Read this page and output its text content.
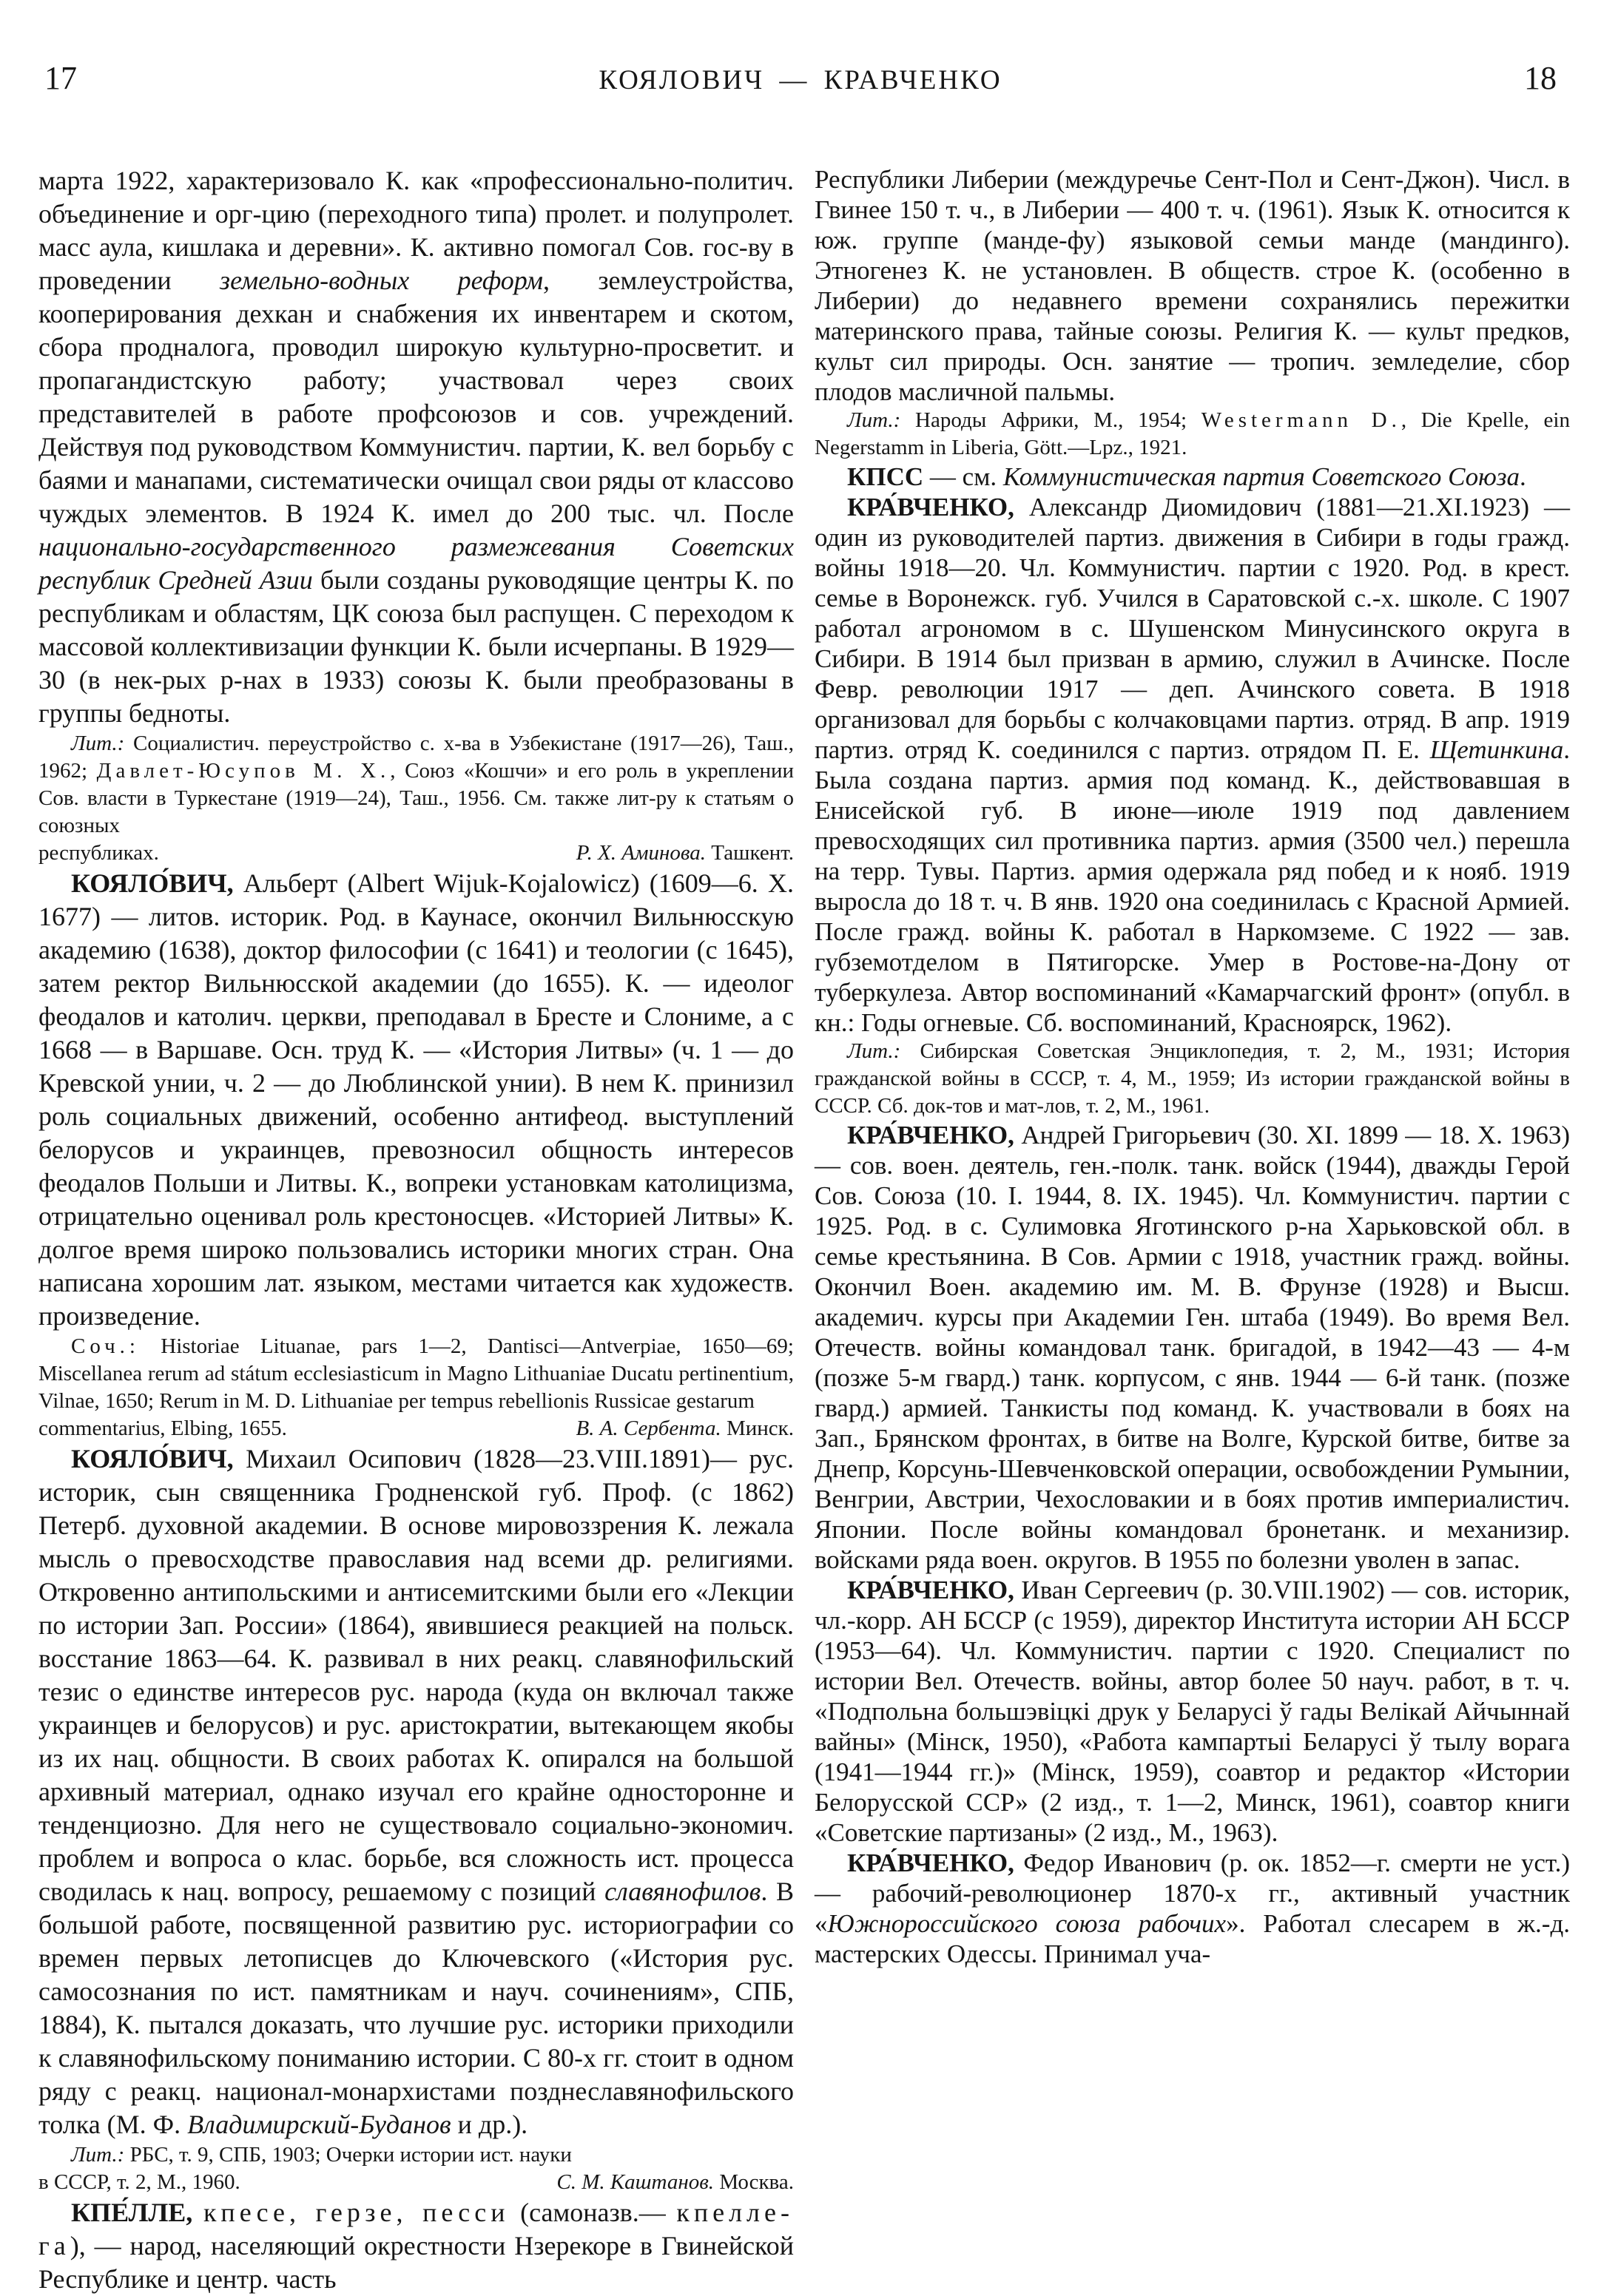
17	КОЯЛОВИЧ — КРАВЧЕНКО	18

марта 1922, характеризовало К. как «профессионально-политич. объединение и орг-цию (переходного типа) пролет. и полупролет. масс аула, кишлака и деревни». К. активно помогал Сов. гос-ву в проведении земельно-водных реформ, землеустройства, кооперирования дехкан и снабжения их инвентарем и скотом, сбора продналога, проводил широкую культурно-просветит. и пропагандистскую работу; участвовал через своих представителей в работе профсоюзов и сов. учреждений. Действуя под руководством Коммунистич. партии, К. вел борьбу с баями и манапами, систематически очищал свои ряды от классово чуждых элементов. В 1924 К. имел до 200 тыс. чл. После национально-государственного размежевания Советских республик Средней Азии были созданы руководящие центры К. по республикам и областям, ЦК союза был распущен. С переходом к массовой коллективизации функции К. были исчерпаны. В 1929—30 (в нек-рых р-нах в 1933) союзы К. были преобразованы в группы бедноты.

Лит.: Социалистич. переустройство с. х-ва в Узбекистане (1917—26), Таш., 1962; Давлет-Юсупов М. Х., Союз «Кошчи» и его роль в укреплении Сов. власти в Туркестане (1919—24), Таш., 1956. См. также лит-ру к статьям о союзных

республиках.	Р. Х. Аминова. Ташкент.

КОЯЛО́ВИЧ, Альберт (Albert Wijuk-Kojalowicz) (1609—6. X. 1677) — литов. историк. Род. в Каунасе, окончил Вильнюсскую академию (1638), доктор философии (с 1641) и теологии (с 1645), затем ректор Вильнюсской академии (до 1655). К. — идеолог феодалов и католич. церкви, преподавал в Бресте и Слониме, а с 1668 — в Варшаве. Осн. труд К. — «История Литвы» (ч. 1 — до Кревской унии, ч. 2 — до Люблинской унии). В нем К. принизил роль социальных движений, особенно антифеод. выступлений белорусов и украинцев, превозносил общность интересов феодалов Польши и Литвы. К., вопреки установкам католицизма, отрицательно оценивал роль крестоносцев. «Историей Литвы» К. долгое время широко пользовались историки многих стран. Она написана хорошим лат. языком, местами читается как художеств. произведение.

Соч.: Historiae Lituanae, pars 1—2, Dantisci—Antverpiae, 1650—69; Miscellanea rerum ad státum ecclesiasticum in Magno Lithuaniae Ducatu pertinentium, Vilnae, 1650; Rerum in M. D. Lithuaniae per tempus rebellionis Russicae gestarum

commentarius, Elbing, 1655.	В. А. Сербента. Минск.

КОЯЛО́ВИЧ, Михаил Осипович (1828—23.VIII.1891)— рус. историк, сын священника Гродненской губ. Проф. (с 1862) Петерб. духовной академии. В основе мировоззрения К. лежала мысль о превосходстве православия над всеми др. религиями. Откровенно антипольскими и антисемитскими были его «Лекции по истории Зап. России» (1864), явившиеся реакцией на польск. восстание 1863—64. К. развивал в них реакц. славянофильский тезис о единстве интересов рус. народа (куда он включал также украинцев и белорусов) и рус. аристократии, вытекающем якобы из их нац. общности. В своих работах К. опирался на большой архивный материал, однако изучал его крайне односторонне и тенденциозно. Для него не существовало социально-экономич. проблем и вопроса о клас. борьбе, вся сложность ист. процесса сводилась к нац. вопросу, решаемому с позиций славянофилов. В большой работе, посвященной развитию рус. историографии со времен первых летописцев до Ключевского («История рус. самосознания по ист. памятникам и науч. сочинениям», СПБ, 1884), К. пытался доказать, что лучшие рус. историки приходили к славянофильскому пониманию истории. С 80-х гг. стоит в одном ряду с реакц. национал-монархистами позднеславянофильского толка (М. Ф. Владимирский-Буданов и др.).

Лит.: РБС, т. 9, СПБ, 1903; Очерки истории ист. науки

в СССР, т. 2, М., 1960.	С. М. Каштанов. Москва.

КПЕ́ЛЛЕ, кпесе, герзе, песси (самоназв.— кпелле-га), — народ, населяющий окрестности Нзерекоре в Гвинейской Республике и центр. часть

Республики Либерии (междуречье Сент-Пол и Сент-Джон). Числ. в Гвинее 150 т. ч., в Либерии — 400 т. ч. (1961). Язык К. относится к юж. группе (манде-фу) языковой семьи манде (мандинго). Этногенез К. не установлен. В обществ. строе К. (особенно в Либерии) до недавнего времени сохранялись пережитки материнского права, тайные союзы. Религия К. — культ предков, культ сил природы. Осн. занятие — тропич. земледелие, сбор плодов масличной пальмы.

Лит.: Народы Африки, М., 1954; Westermann D., Die Kpelle, ein Negerstamm in Liberia, Gött.—Lpz., 1921.

КПСС — см. Коммунистическая партия Советского Союза.

КРА́ВЧЕНКО, Александр Диомидович (1881—21.XI.1923) — один из руководителей партиз. движения в Сибири в годы гражд. войны 1918—20. Чл. Коммунистич. партии с 1920. Род. в крест. семье в Воронежск. губ. Учился в Саратовской с.-х. школе. С 1907 работал агрономом в с. Шушенском Минусинского округа в Сибири. В 1914 был призван в армию, служил в Ачинске. После Февр. революции 1917 — деп. Ачинского совета. В 1918 организовал для борьбы с колчаковцами партиз. отряд. В апр. 1919 партиз. отряд К. соединился с партиз. отрядом П. Е. Щетинкина. Была создана партиз. армия под команд. К., действовавшая в Енисейской губ. В июне—июле 1919 под давлением превосходящих сил противника партиз. армия (3500 чел.) перешла на терр. Тувы. Партиз. армия одержала ряд побед и к нояб. 1919 выросла до 18 т. ч. В янв. 1920 она соединилась с Красной Армией. После гражд. войны К. работал в Наркомземе. С 1922 — зав. губземотделом в Пятигорске. Умер в Ростове-на-Дону от туберкулеза. Автор воспоминаний «Камарчагский фронт» (опубл. в кн.: Годы огневые. Сб. воспоминаний, Красноярск, 1962).

Лит.: Сибирская Советская Энциклопедия, т. 2, М., 1931; История гражданской войны в СССР, т. 4, М., 1959; Из истории гражданской войны в СССР. Сб. док-тов и мат-лов, т. 2, М., 1961.

КРА́ВЧЕНКО, Андрей Григорьевич (30. XI. 1899 — 18. X. 1963)— сов. воен. деятель, ген.-полк. танк. войск (1944), дважды Герой Сов. Союза (10. I. 1944, 8. IX. 1945). Чл. Коммунистич. партии с 1925. Род. в с. Сулимовка Яготинского р-на Харьковской обл. в семье крестьянина. В Сов. Армии с 1918, участник гражд. войны. Окончил Воен. академию им. М. В. Фрунзе (1928) и Высш. академич. курсы при Академии Ген. штаба (1949). Во время Вел. Отечеств. войны командовал танк. бригадой, в 1942—43 — 4-м (позже 5-м гвард.) танк. корпусом, с янв. 1944 — 6-й танк. (позже гвард.) армией. Танкисты под команд. К. участвовали в боях на Зап., Брянском фронтах, в битве на Волге, Курской битве, битве за Днепр, Корсунь-Шевченковской операции, освобождении Румынии, Венгрии, Австрии, Чехословакии и в боях против империалистич. Японии. После войны командовал бронетанк. и механизир. войсками ряда воен. округов. В 1955 по болезни уволен в запас.

КРА́ВЧЕНКО, Иван Сергеевич (р. 30.VIII.1902) — сов. историк, чл.-корр. АН БССР (с 1959), директор Института истории АН БССР (1953—64). Чл. Коммунистич. партии с 1920. Специалист по истории Вел. Отечеств. войны, автор более 50 науч. работ, в т. ч. «Подпольна большэвіцкі друк у Беларусі ў гады Велікай Айчыннай вайны» (Мінск, 1950), «Работа кампартыі Беларусі ў тылу ворага (1941—1944 гг.)» (Мінск, 1959), соавтор и редактор «Истории Белорусской ССР» (2 изд., т. 1—2, Минск, 1961), соавтор книги «Советские партизаны» (2 изд., М., 1963).

КРА́ВЧЕНКО, Федор Иванович (р. ок. 1852—г. смерти не уст.) — рабочий-революционер 1870-х гг., активный участник «Южнороссийского союза рабочих». Работал слесарем в ж.-д. мастерских Одессы. Принимал уча-
